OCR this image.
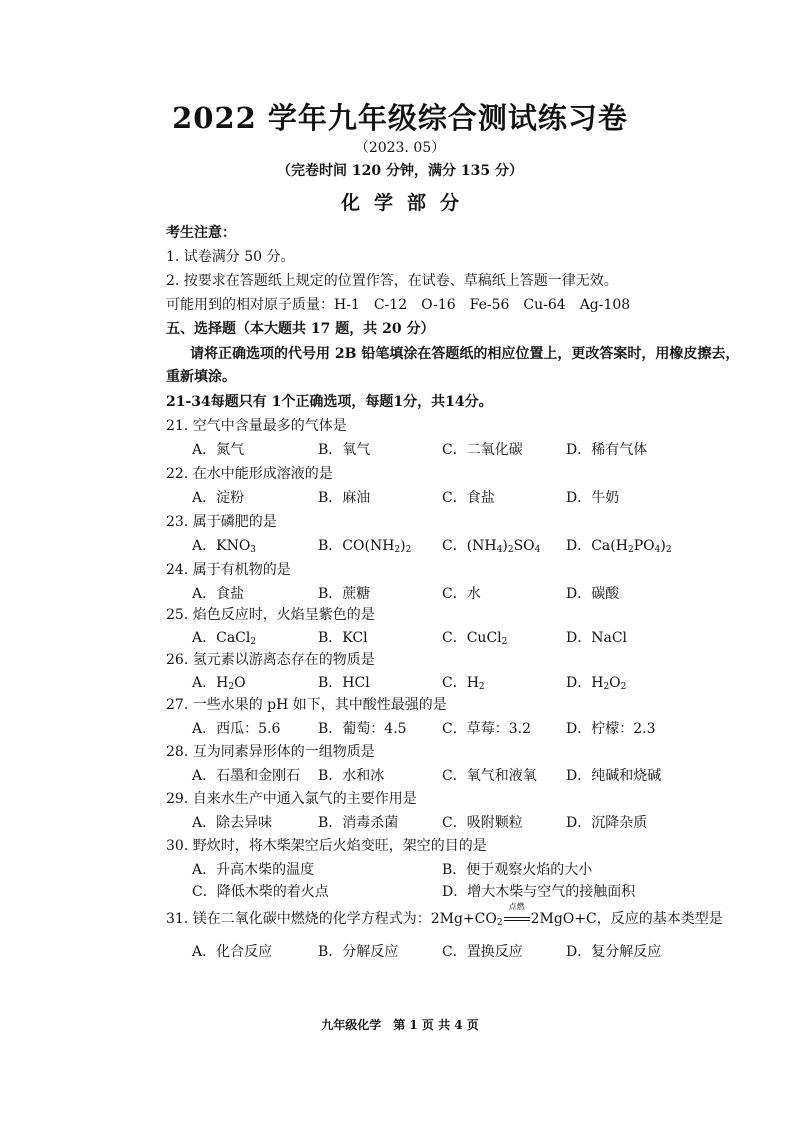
2022 学年九年级综合测试练习卷
（2023. 05）
（完卷时间 120 分钟，满分 135 分）
化学部分
考生注意：
1. 试卷满分 50 分。
2. 按要求在答题纸上规定的位置作答，在试卷、草稿纸上答题一律无效。
可能用到的相对原子质量：H-1　C-12　O-16　Fe-56　Cu-64　Ag-108
五、选择题（本大题共 17 题，共 20 分）
请将正确选项的代号用 2B 铅笔填涂在答题纸的相应位置上，更改答案时，用橡皮擦去，
重新填涂。
21-34每题只有 1个正确选项，每题1分，共14分。
21. 空气中含量最多的气体是
A．氮气	B．氧气	C．二氧化碳	D．稀有气体
22. 在水中能形成溶液的是
A．淀粉	B．麻油	C．食盐	D．牛奶
23. 属于磷肥的是
A．$KNO_3$	B．$CO(NH_2)_2$ C．$(NH_4)_2SO_4$ D．$Ca(H_2PO_4)_2$
24. 属于有机物的是
A．食盐	B．蔗糖	C．水	D．碳酸
25. 焰色反应时，火焰呈紫色的是
A．CaCl$_2$	B．KCl	C．CuCl$_2$	D．NaCl
26. 氢元素以游离态存在的物质是
A．$H_2O$	B．HCl	C．$H_2$	D．$H_2O_2$
27. 一些水果的 pH 如下，其中酸性最强的是
A．西瓜：5.6	B．葡萄：4.5	C．草莓：3.2	D．柠檬：2.3
28. 互为同素异形体的一组物质是
A．石墨和金刚石 B．水和冰	C．氧气和液氧 D．纯碱和烧碱
29. 自来水生产中通入氯气的主要作用是
A．除去异味	B．消毒杀菌	C．吸附颗粒	D．沉降杂质
30. 野炊时，将木柴架空后火焰变旺，架空的目的是
A．升高木柴的温度	B．便于观察火焰的大小
C．降低木柴的着火点	D．增大木柴与空气的接触面积
31. 镁在二氧化碳中燃烧的化学方程式为：$2Mg+CO_2$
点燃
2MgO+C，反应的基本类型是
A．化合反应	B．分解反应	C．置换反应	D．复分解反应
九年级化学　第 1 页 共 4 页
